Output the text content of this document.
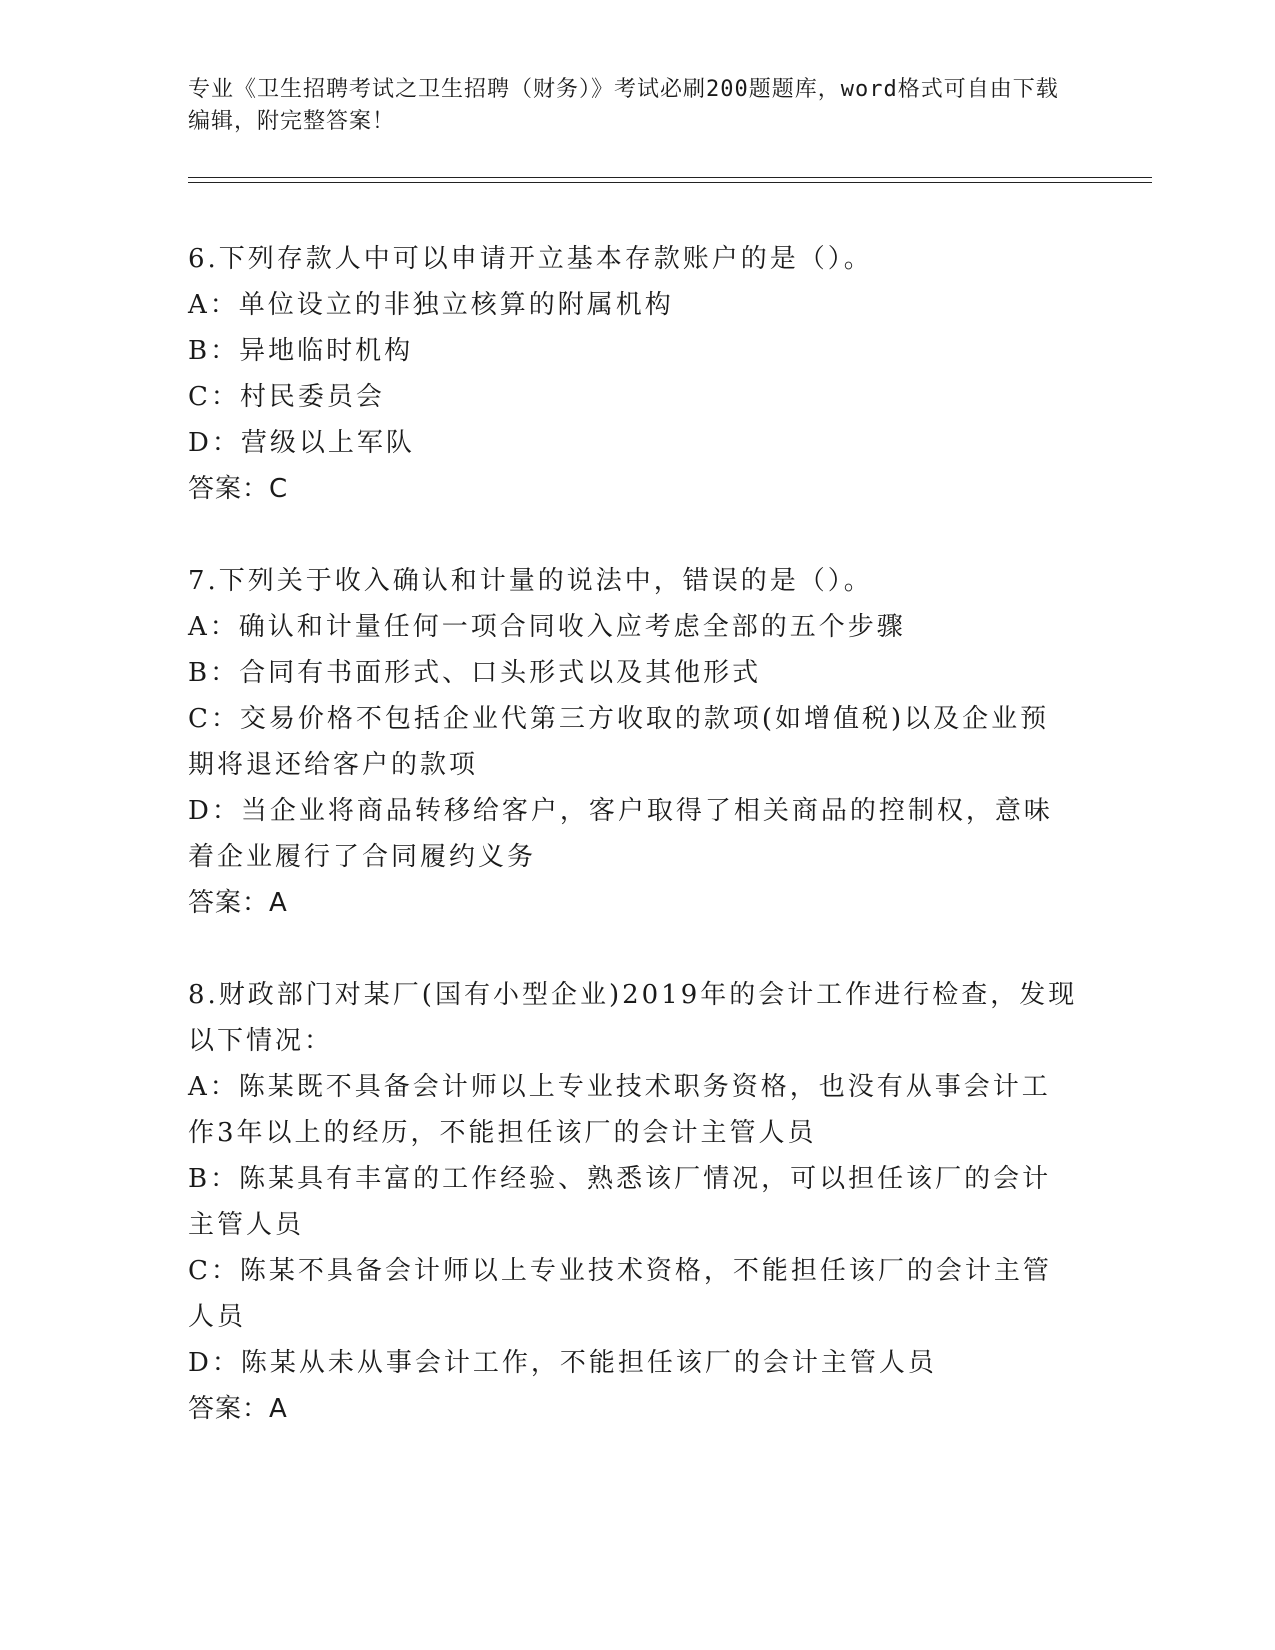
专业《卫生招聘考试之卫生招聘（财务）》考试必刷200题题库，word格式可自由下载编辑，附完整答案！
6.下列存款人中可以申请开立基本存款账户的是（）。
A：单位设立的非独立核算的附属机构
B：异地临时机构
C：村民委员会
D：营级以上军队
答案：C
7.下列关于收入确认和计量的说法中，错误的是（）。
A：确认和计量任何一项合同收入应考虑全部的五个步骤
B：合同有书面形式、口头形式以及其他形式
C：交易价格不包括企业代第三方收取的款项(如增值税)以及企业预期将退还给客户的款项
D：当企业将商品转移给客户，客户取得了相关商品的控制权，意味着企业履行了合同履约义务
答案：A
8.财政部门对某厂(国有小型企业)2019年的会计工作进行检查，发现以下情况：
A：陈某既不具备会计师以上专业技术职务资格，也没有从事会计工作3年以上的经历，不能担任该厂的会计主管人员
B：陈某具有丰富的工作经验、熟悉该厂情况，可以担任该厂的会计主管人员
C：陈某不具备会计师以上专业技术资格，不能担任该厂的会计主管人员
D：陈某从未从事会计工作，不能担任该厂的会计主管人员
答案：A
